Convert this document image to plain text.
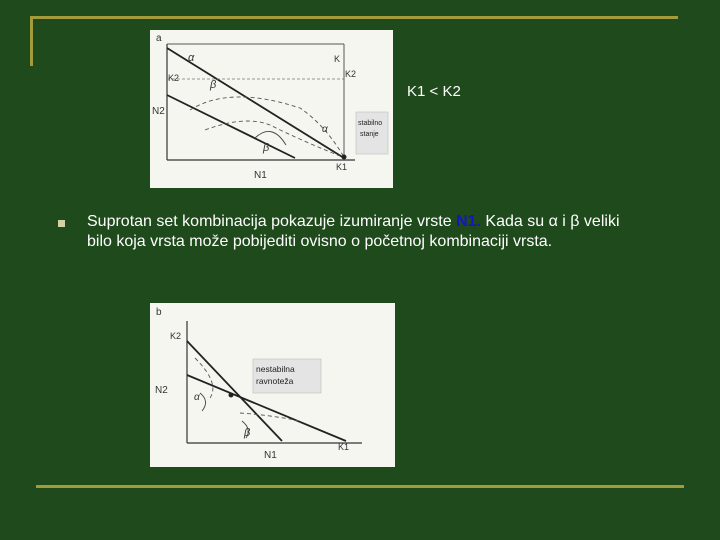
a
K
K2
K2
N2
N1
K1
α
β
α
β
stabilno
stanje
K1 < K2
Suprotan set kombinacija pokazuje izumiranje vrste N1. Kada su α i β veliki bilo koja vrsta može pobijediti ovisno o početnoj kombinaciji vrsta.
b
K2
N2
N1
K1
α
β
nestabilna
ravnoteža
